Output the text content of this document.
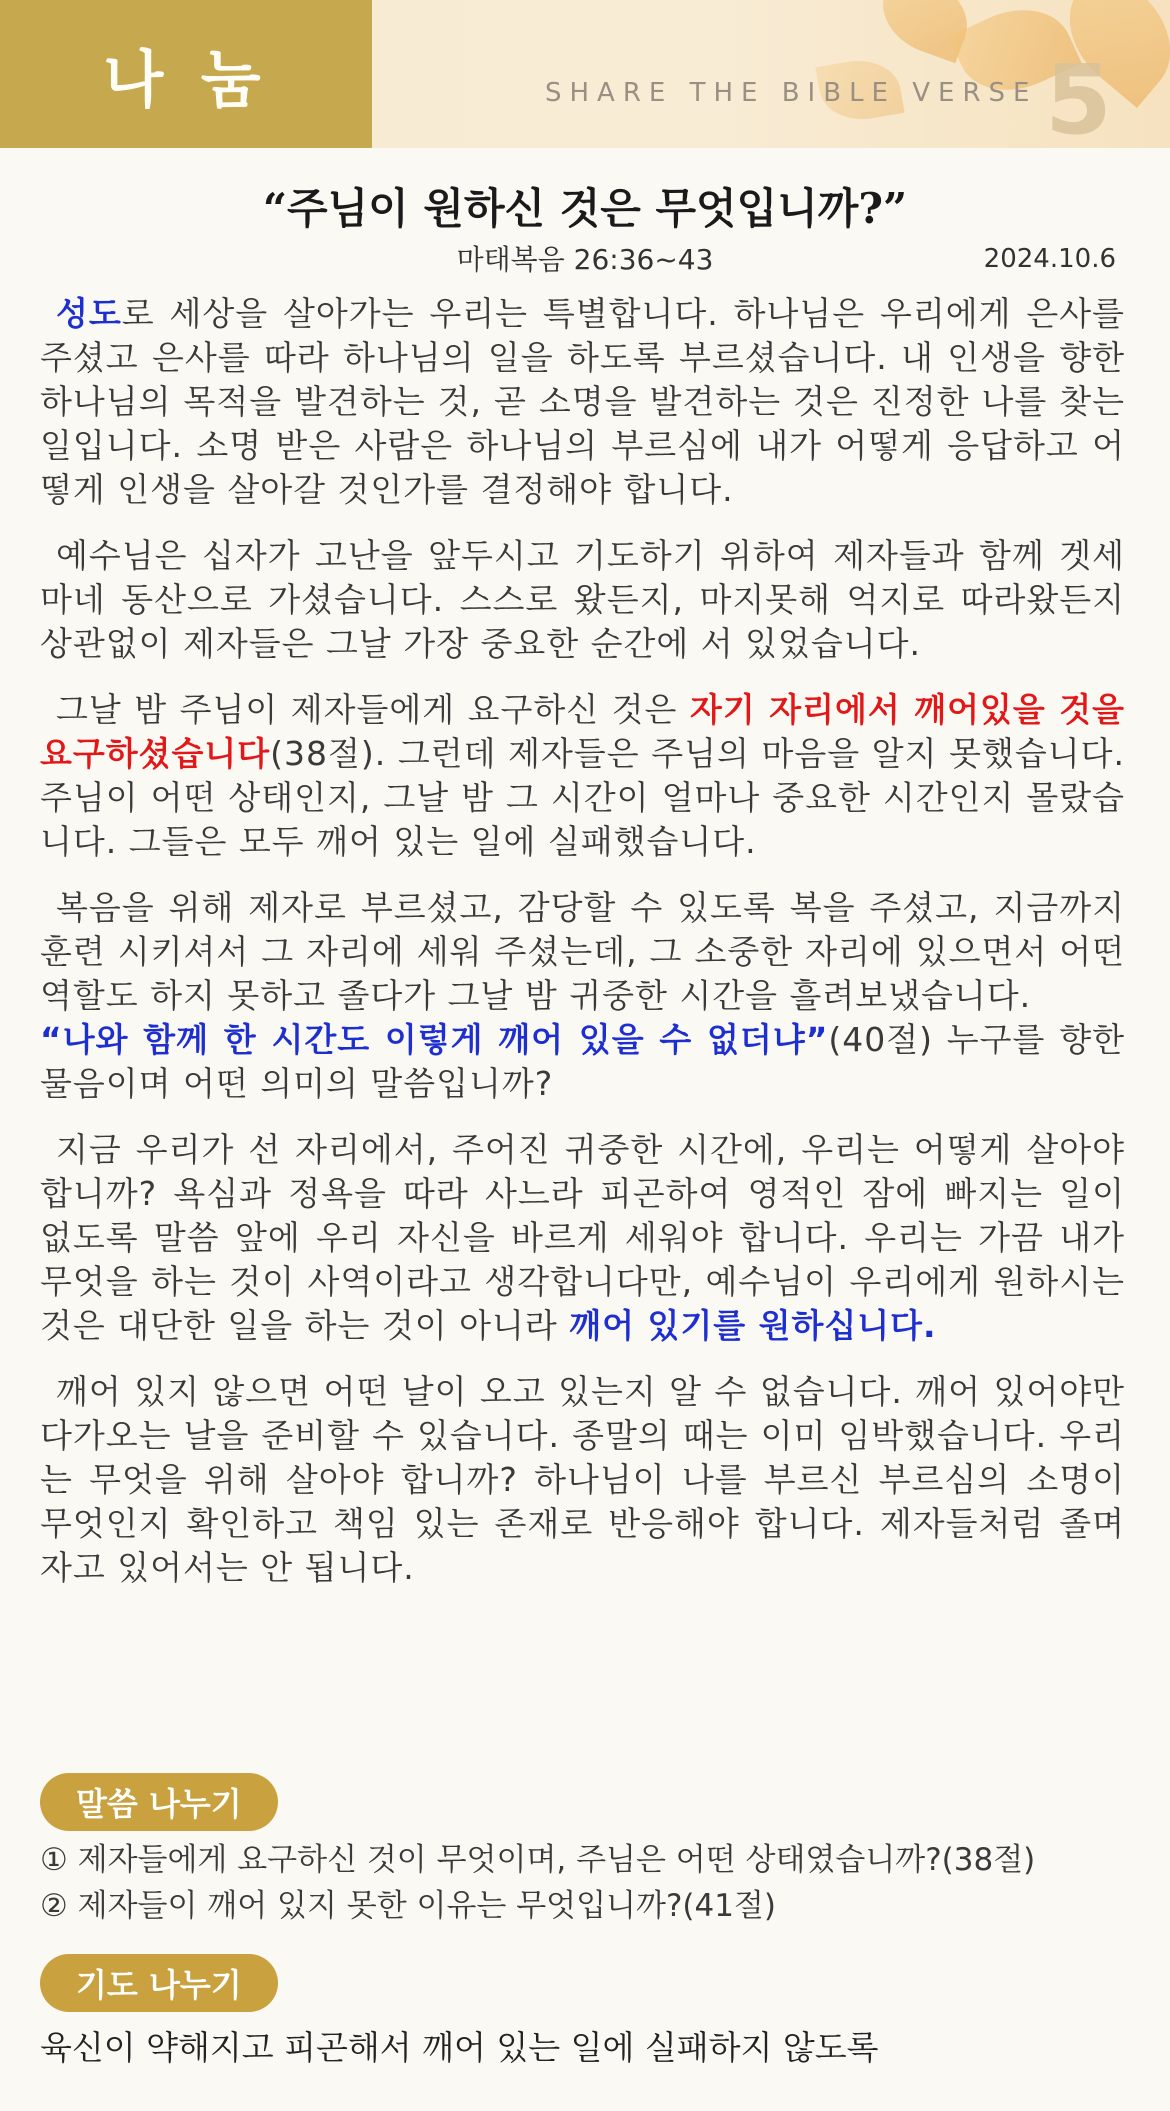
나 눔	SHARE THE BIBLE VERSE 5
“주님이 원하신 것은 무엇입니까?”
마태복음 26:36~43	2024.10.6

성도로 세상을 살아가는 우리는 특별합니다. 하나님은 우리에게 은사를 주셨고 은사를 따라 하나님의 일을 하도록 부르셨습니다. 내 인생을 향한 하나님의 목적을 발견하는 것, 곧 소명을 발견하는 것은 진정한 나를 찾는 일입니다. 소명 받은 사람은 하나님의 부르심에 내가 어떻게 응답하고 어떻게 인생을 살아갈 것인가를 결정해야 합니다.

예수님은 십자가 고난을 앞두시고 기도하기 위하여 제자들과 함께 겟세마네 동산으로 가셨습니다. 스스로 왔든지, 마지못해 억지로 따라왔든지 상관없이 제자들은 그날 가장 중요한 순간에 서 있었습니다.

그날 밤 주님이 제자들에게 요구하신 것은 자기 자리에서 깨어있을 것을 요구하셨습니다(38절). 그런데 제자들은 주님의 마음을 알지 못했습니다. 주님이 어떤 상태인지, 그날 밤 그 시간이 얼마나 중요한 시간인지 몰랐습니다. 그들은 모두 깨어 있는 일에 실패했습니다.

복음을 위해 제자로 부르셨고, 감당할 수 있도록 복을 주셨고, 지금까지 훈련 시키셔서 그 자리에 세워 주셨는데, 그 소중한 자리에 있으면서 어떤 역할도 하지 못하고 졸다가 그날 밤 귀중한 시간을 흘려보냈습니다.
“나와 함께 한 시간도 이렇게 깨어 있을 수 없더냐”(40절) 누구를 향한 물음이며 어떤 의미의 말씀입니까?

지금 우리가 선 자리에서, 주어진 귀중한 시간에, 우리는 어떻게 살아야 합니까? 욕심과 정욕을 따라 사느라 피곤하여 영적인 잠에 빠지는 일이 없도록 말씀 앞에 우리 자신을 바르게 세워야 합니다. 우리는 가끔 내가 무엇을 하는 것이 사역이라고 생각합니다만, 예수님이 우리에게 원하시는 것은 대단한 일을 하는 것이 아니라 깨어 있기를 원하십니다.

깨어 있지 않으면 어떤 날이 오고 있는지 알 수 없습니다. 깨어 있어야만 다가오는 날을 준비할 수 있습니다. 종말의 때는 이미 임박했습니다. 우리는 무엇을 위해 살아야 합니까? 하나님이 나를 부르신 부르심의 소명이 무엇인지 확인하고 책임 있는 존재로 반응해야 합니다. 제자들처럼 졸며 자고 있어서는 안 됩니다.

말씀 나누기
① 제자들에게 요구하신 것이 무엇이며, 주님은 어떤 상태였습니까?(38절)
② 제자들이 깨어 있지 못한 이유는 무엇입니까?(41절)
기도 나누기
육신이 약해지고 피곤해서 깨어 있는 일에 실패하지 않도록
